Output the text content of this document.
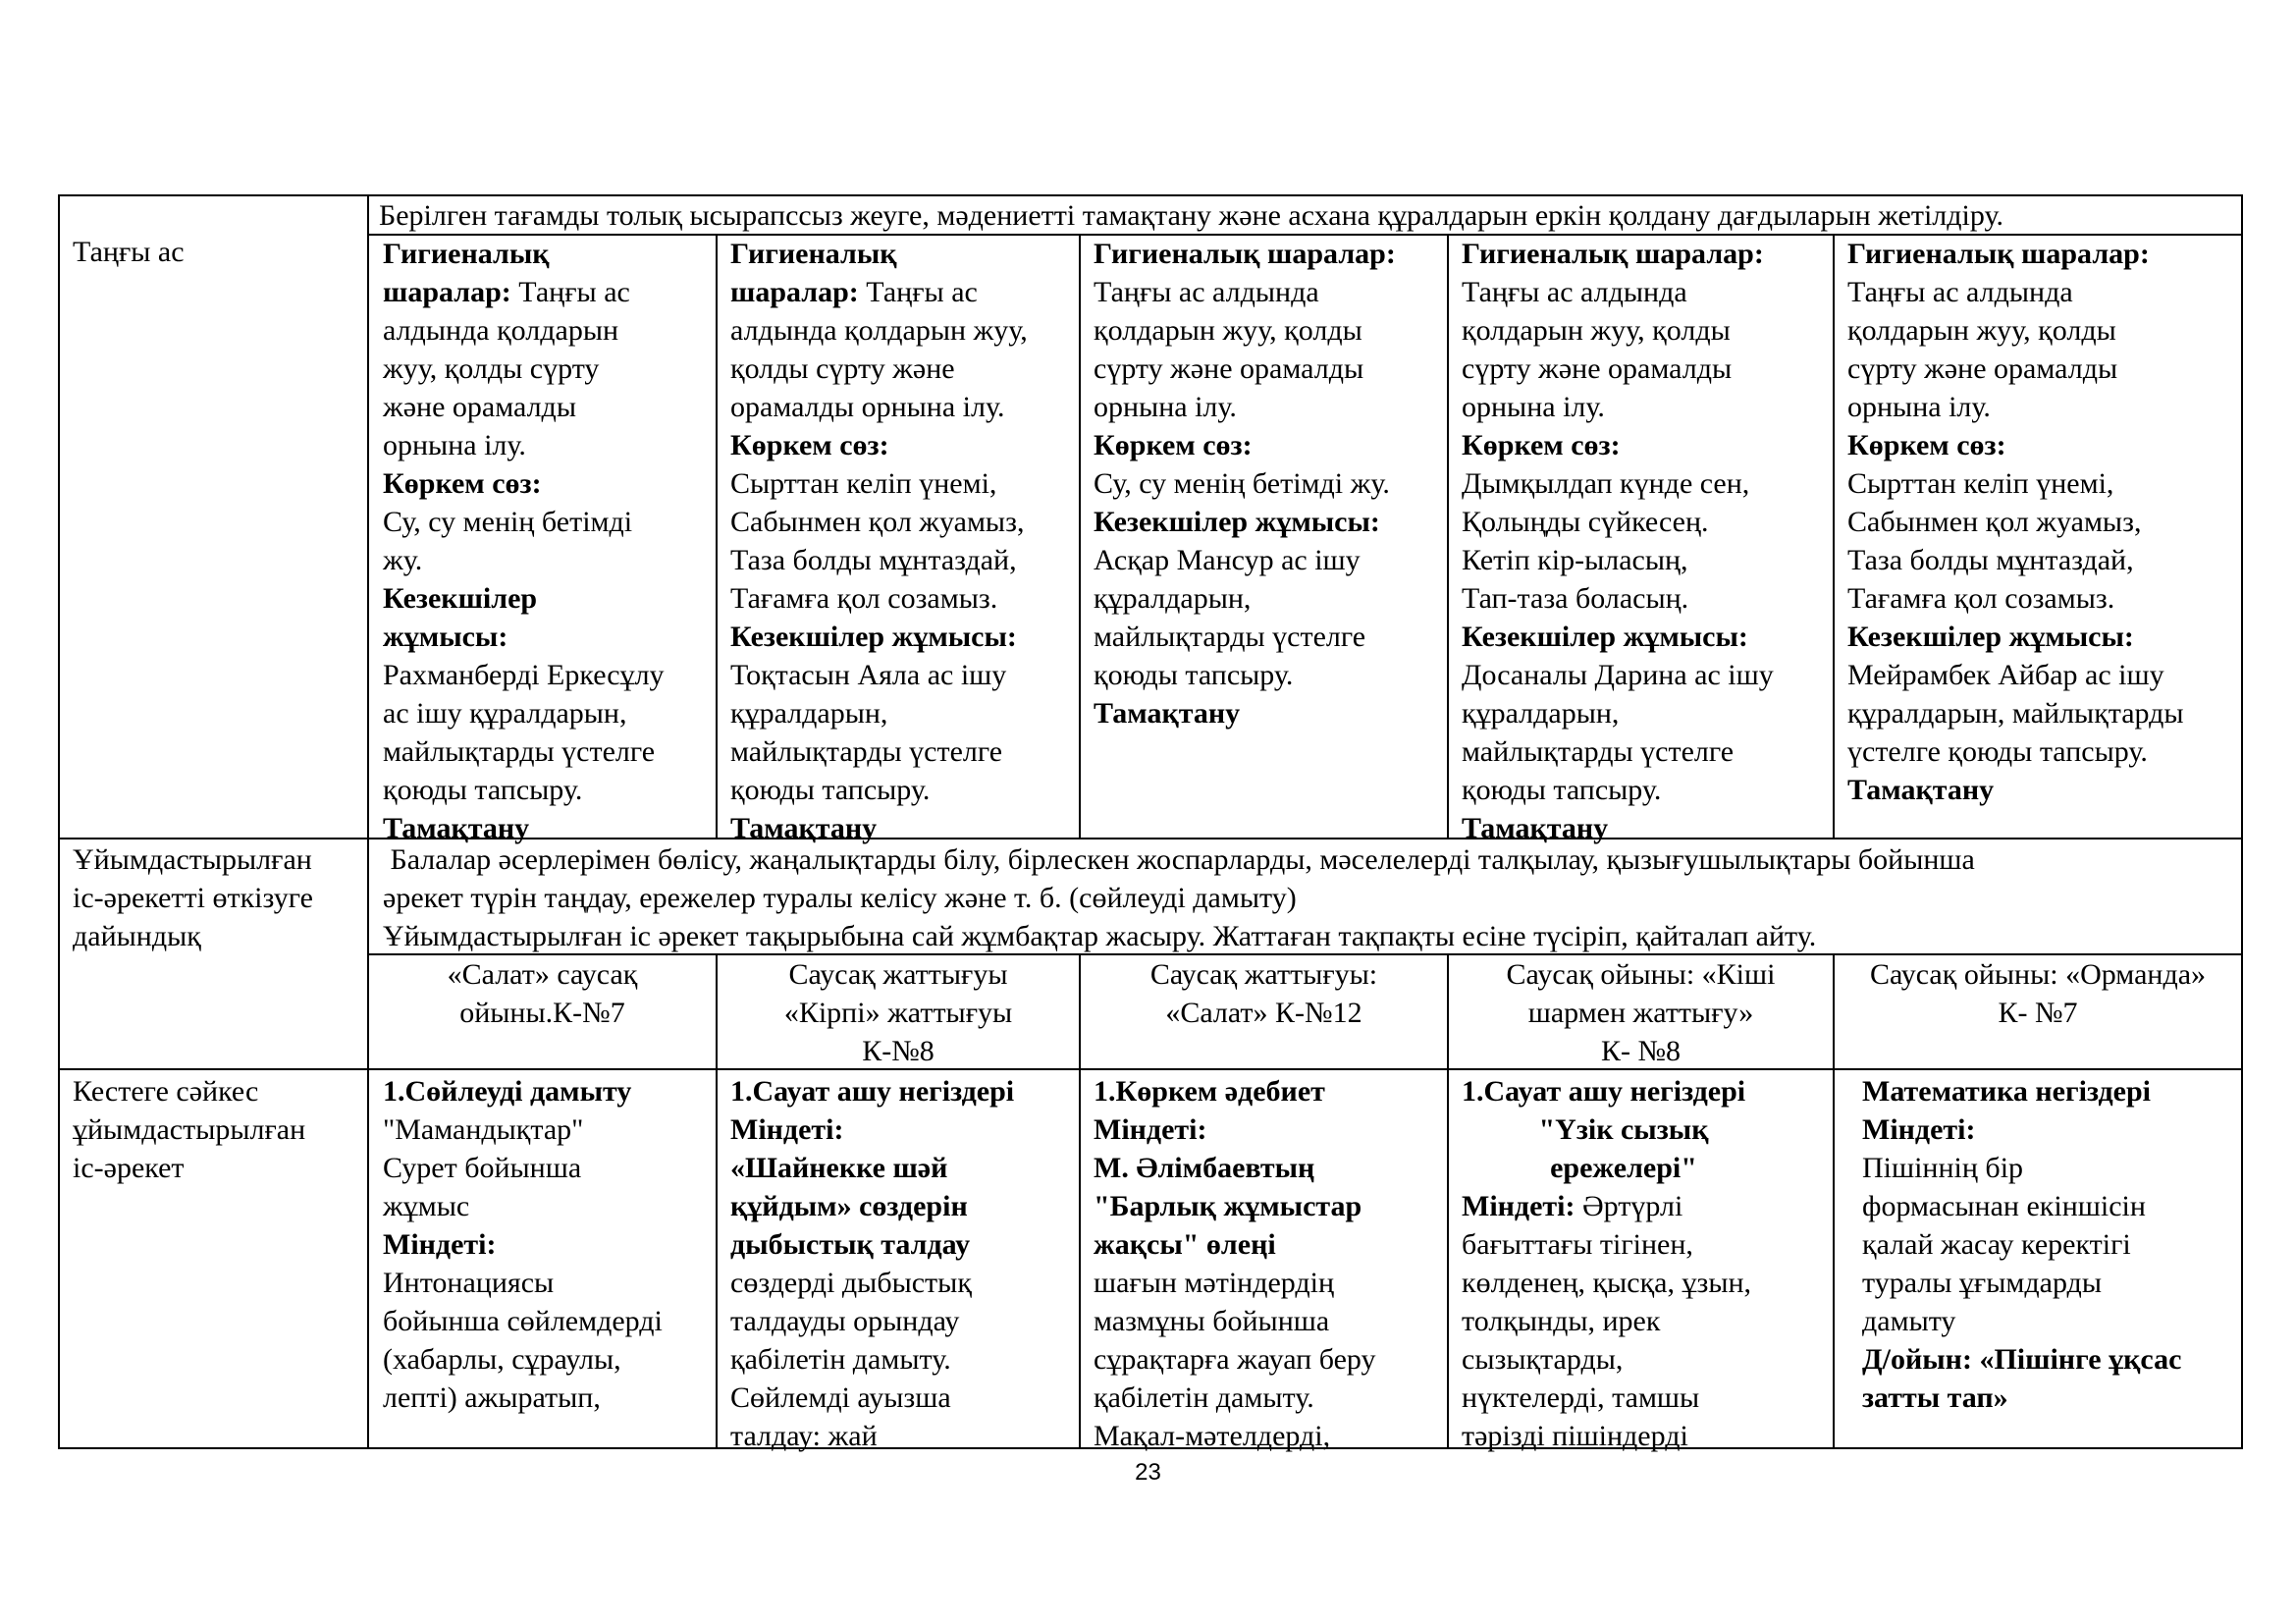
Таңғы ас
Берілген тағамды толық ысырапссыз жеуге, мәдениетті тамақтану және асхана құралдарын еркін қолдану дағдыларын жетілдіру.
Гигиеналық
шаралар: Таңғы ас
алдында қолдарын
жуу, қолды сүрту
және орамалды
орнына ілу.
Көркем сөз:
Су, су менің бетімді
жу.
Кезекшілер
жұмысы:
Рахманберді Еркесұлу
ас ішу құралдарын,
майлықтарды үстелге
қоюды тапсыру.
Тамақтану
Гигиеналық
шаралар: Таңғы ас
алдында қолдарын жуу,
қолды сүрту және
орамалды орнына ілу.
Көркем сөз:
Сырттан келіп үнемі,
Сабынмен қол жуамыз,
Таза болды мұнтаздай,
Тағамға қол созамыз.
Кезекшілер жұмысы:
Тоқтасын Аяла ас ішу
құралдарын,
майлықтарды үстелге
қоюды тапсыру.
Тамақтану
Гигиеналық шаралар:
Таңғы ас алдында
қолдарын жуу, қолды
сүрту және орамалды
орнына ілу.
Көркем сөз:
Су, су менің бетімді жу.
Кезекшілер жұмысы:
Асқар Мансур ас ішу
құралдарын,
майлықтарды үстелге
қоюды тапсыру.
Тамақтану
Гигиеналық шаралар:
Таңғы ас алдында
қолдарын жуу, қолды
сүрту және орамалды
орнына ілу.
Көркем сөз:
Дымқылдап күнде сен,
Қолыңды сүйкесең.
Кетіп кір-ыласың,
Тап-таза боласың.
Кезекшілер жұмысы:
Досаналы Дарина ас ішу
құралдарын,
майлықтарды үстелге
қоюды тапсыру.
Тамақтану
Гигиеналық шаралар:
Таңғы ас алдында
қолдарын жуу, қолды
сүрту және орамалды
орнына ілу.
Көркем сөз:
Сырттан келіп үнемі,
Сабынмен қол жуамыз,
Таза болды мұнтаздай,
Тағамға қол созамыз.
Кезекшілер жұмысы:
Мейрамбек Айбар ас ішу
құралдарын, майлықтарды
үстелге қоюды тапсыру.
Тамақтану
Ұйымдастырылған
іс-әрекетті өткізуге
дайындық
Балалар әсерлерімен бөлісу, жаңалықтарды білу, бірлескен жоспарларды, мәселелерді талқылау, қызығушылықтары бойынша
әрекет түрін таңдау, ережелер туралы келісу және т. б. (сөйлеуді дамыту)
Ұйымдастырылған іс әрекет тақырыбына сай жұмбақтар жасыру. Жаттаған тақпақты есіне түсіріп, қайталап айту.
«Салат» саусақ
ойыны.К-№7
Саусақ жаттығуы
«Кірпі» жаттығуы
К-№8
Саусақ жаттығуы:
«Салат» К-№12
Саусақ ойыны: «Кіші
шармен жаттығу»
К- №8
Саусақ ойыны: «Орманда»
К- №7
Кестеге сәйкес
ұйымдастырылған
іс-әрекет
1.Сөйлеуді дамыту
"Мамандықтар"
Сурет бойынша
жұмыс
Міндеті:
Интонациясы
бойынша сөйлемдерді
(хабарлы, сұраулы,
лепті) ажыратып,
1.Сауат ашу негіздері
Міндеті:
«Шайнекке шәй
құйдым» сөздерін
дыбыстық талдау
сөздерді дыбыстық
талдауды орындау
қабілетін дамыту.
Сөйлемді ауызша
талдау: жай
1.Көркем әдебиет
Міндеті:
М. Әлімбаевтың
"Барлық жұмыстар
жақсы" өлеңі
шағын мәтіндердің
мазмұны бойынша
сұрақтарға жауап беру
қабілетін дамыту.
Мақал-мәтелдерді,
1.Сауат ашу негіздері
"Үзік сызық
ережелері"
Міндеті: Әртүрлі
бағыттағы тігінен,
көлденең, қысқа, ұзын,
толқынды, ирек
сызықтарды,
нүктелерді, тамшы
тәрізді пішіндерді
Математика негіздері
Міндеті:
Пішіннің бір
формасынан екіншісін
қалай жасау керектігі
туралы ұғымдарды
дамыту
Д/ойын: «Пішінге ұқсас
затты тап»
23
